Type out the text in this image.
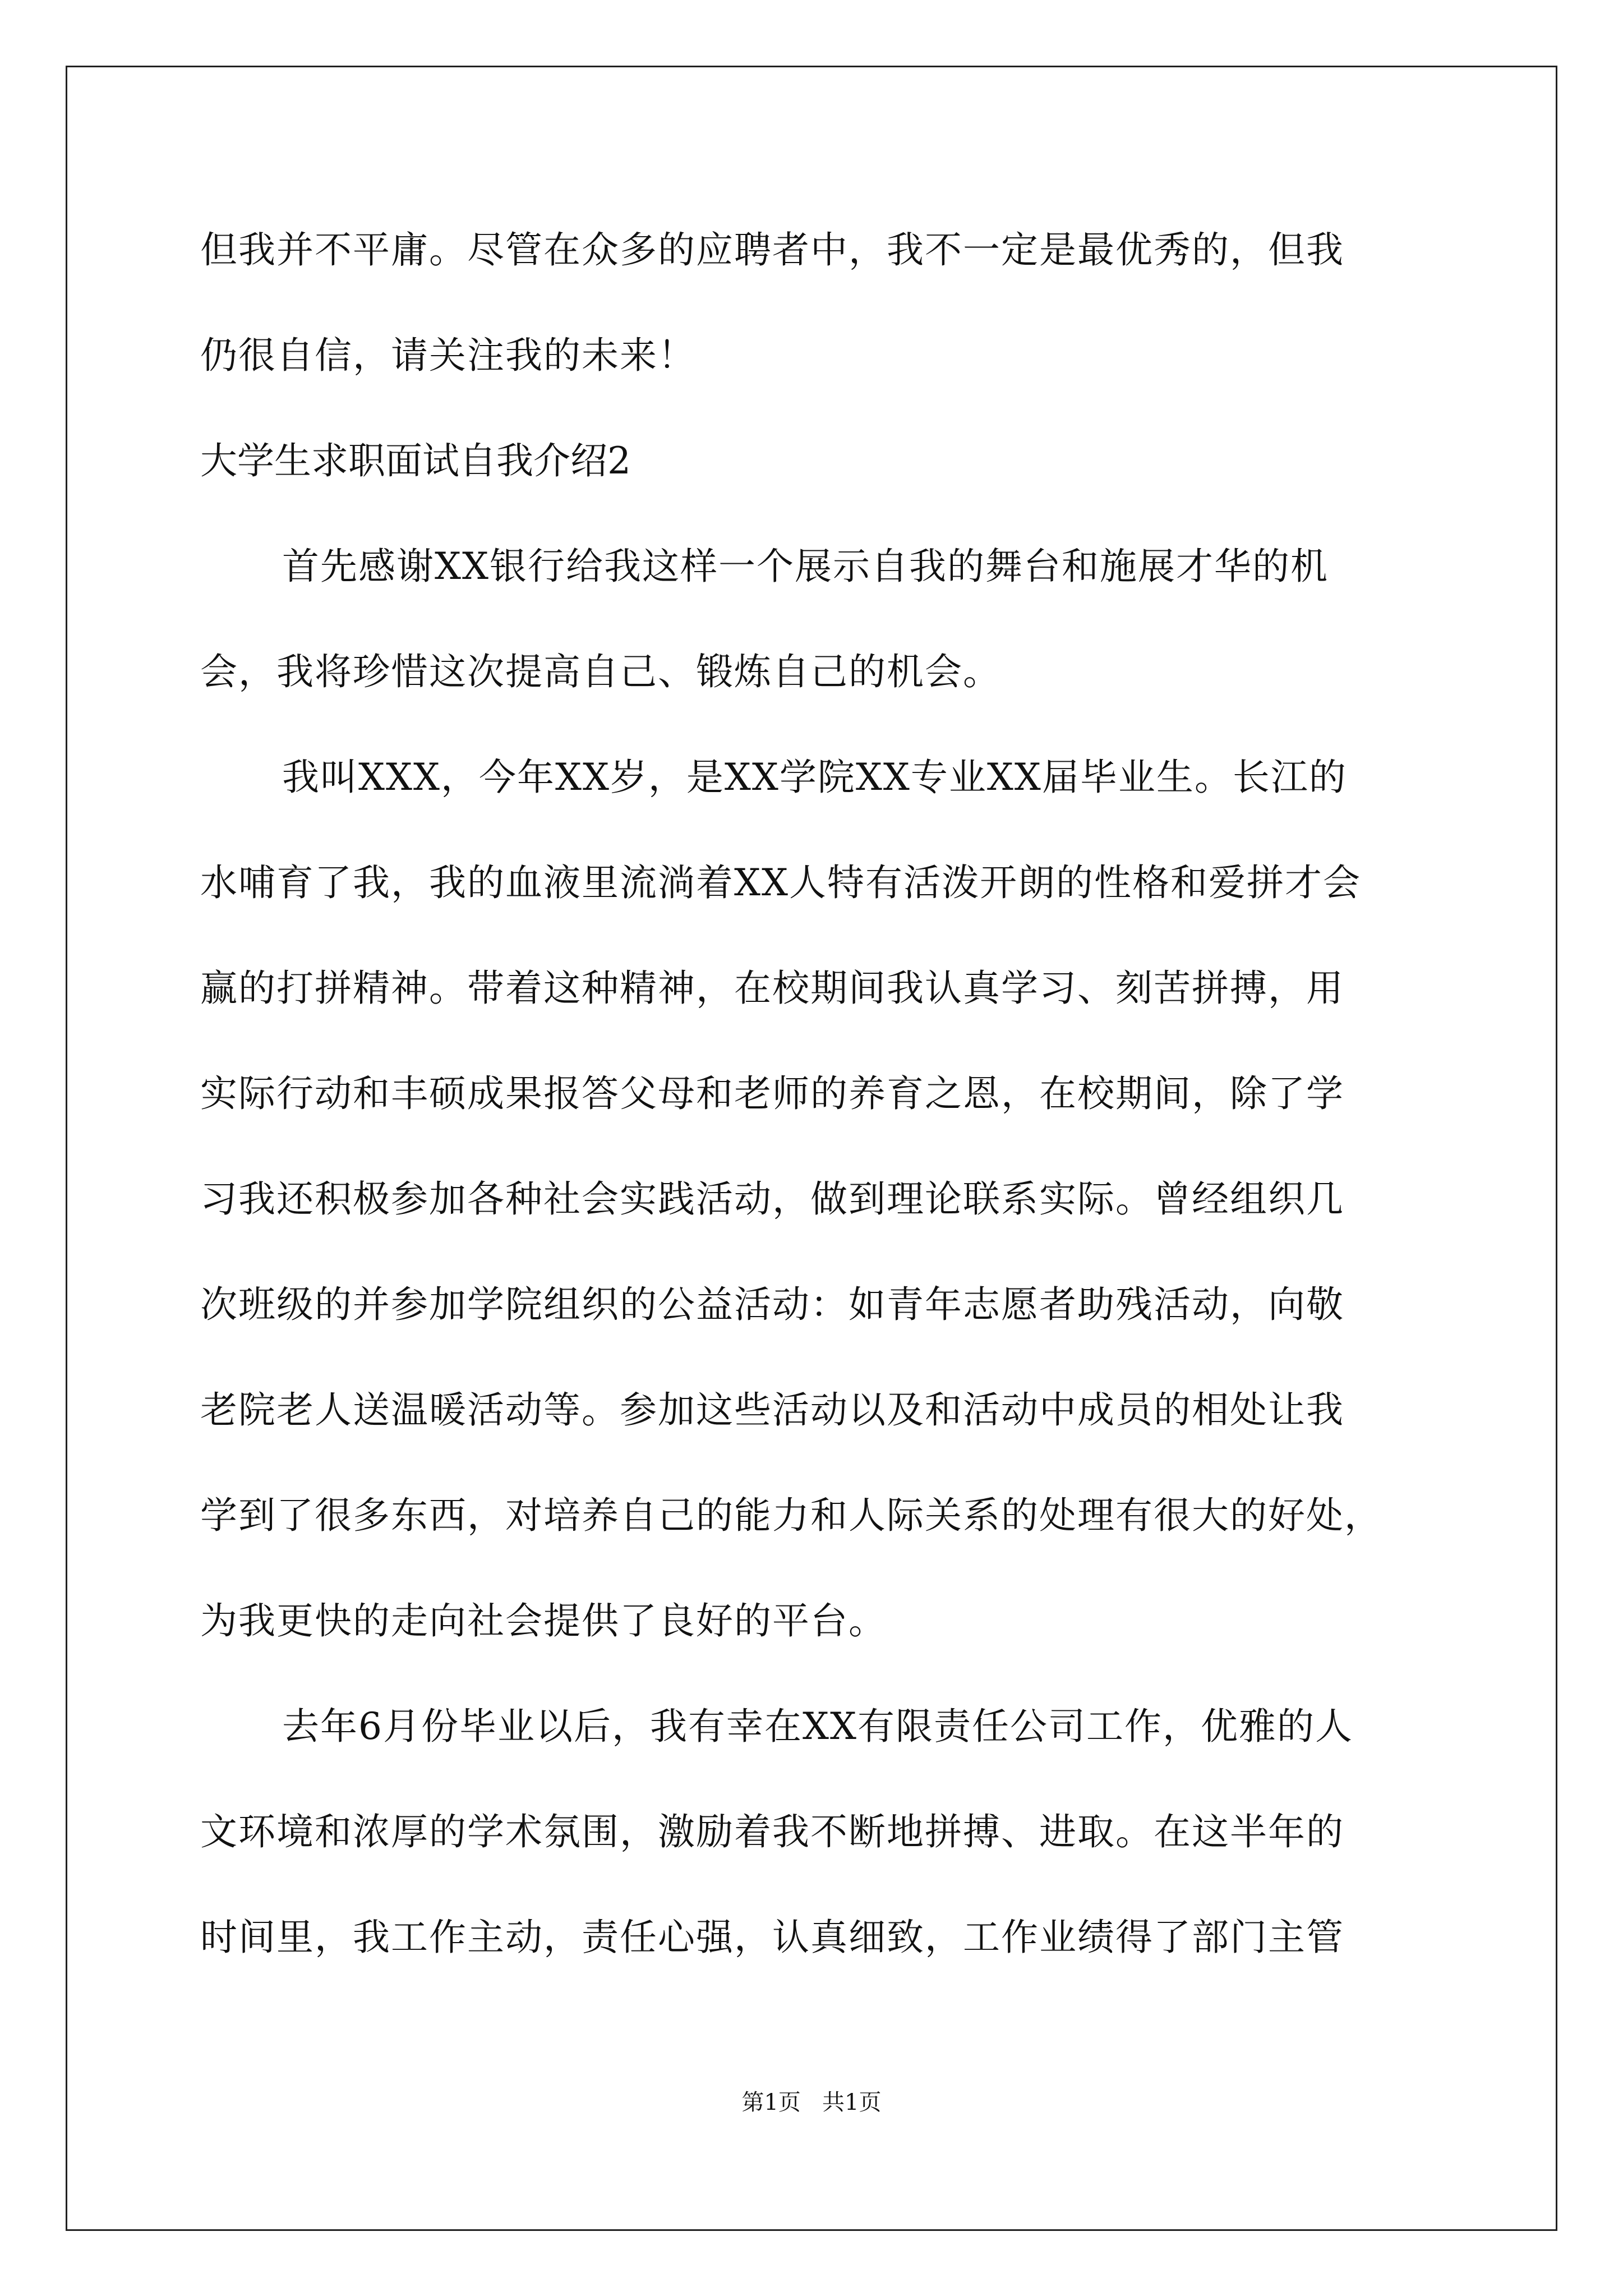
但我并不平庸。尽管在众多的应聘者中，我不一定是最优秀的，但我
仍很自信，请关注我的未来！
大学生求职面试自我介绍2
首先感谢XX银行给我这样一个展示自我的舞台和施展才华的机
会，我将珍惜这次提高自己、锻炼自己的机会。
我叫XXX，今年XX岁，是XX学院XX专业XX届毕业生。长江的
水哺育了我，我的血液里流淌着XX人特有活泼开朗的性格和爱拼才会
赢的打拼精神。带着这种精神，在校期间我认真学习、刻苦拼搏，用
实际行动和丰硕成果报答父母和老师的养育之恩，在校期间，除了学
习我还积极参加各种社会实践活动，做到理论联系实际。曾经组织几
次班级的并参加学院组织的公益活动：如青年志愿者助残活动，向敬
老院老人送温暖活动等。参加这些活动以及和活动中成员的相处让我
学到了很多东西，对培养自己的能力和人际关系的处理有很大的好处，
为我更快的走向社会提供了良好的平台。
去年6月份毕业以后，我有幸在XX有限责任公司工作，优雅的人
文环境和浓厚的学术氛围，激励着我不断地拼搏、进取。在这半年的
时间里，我工作主动，责任心强，认真细致，工作业绩得了部门主管
第1页   共1页
